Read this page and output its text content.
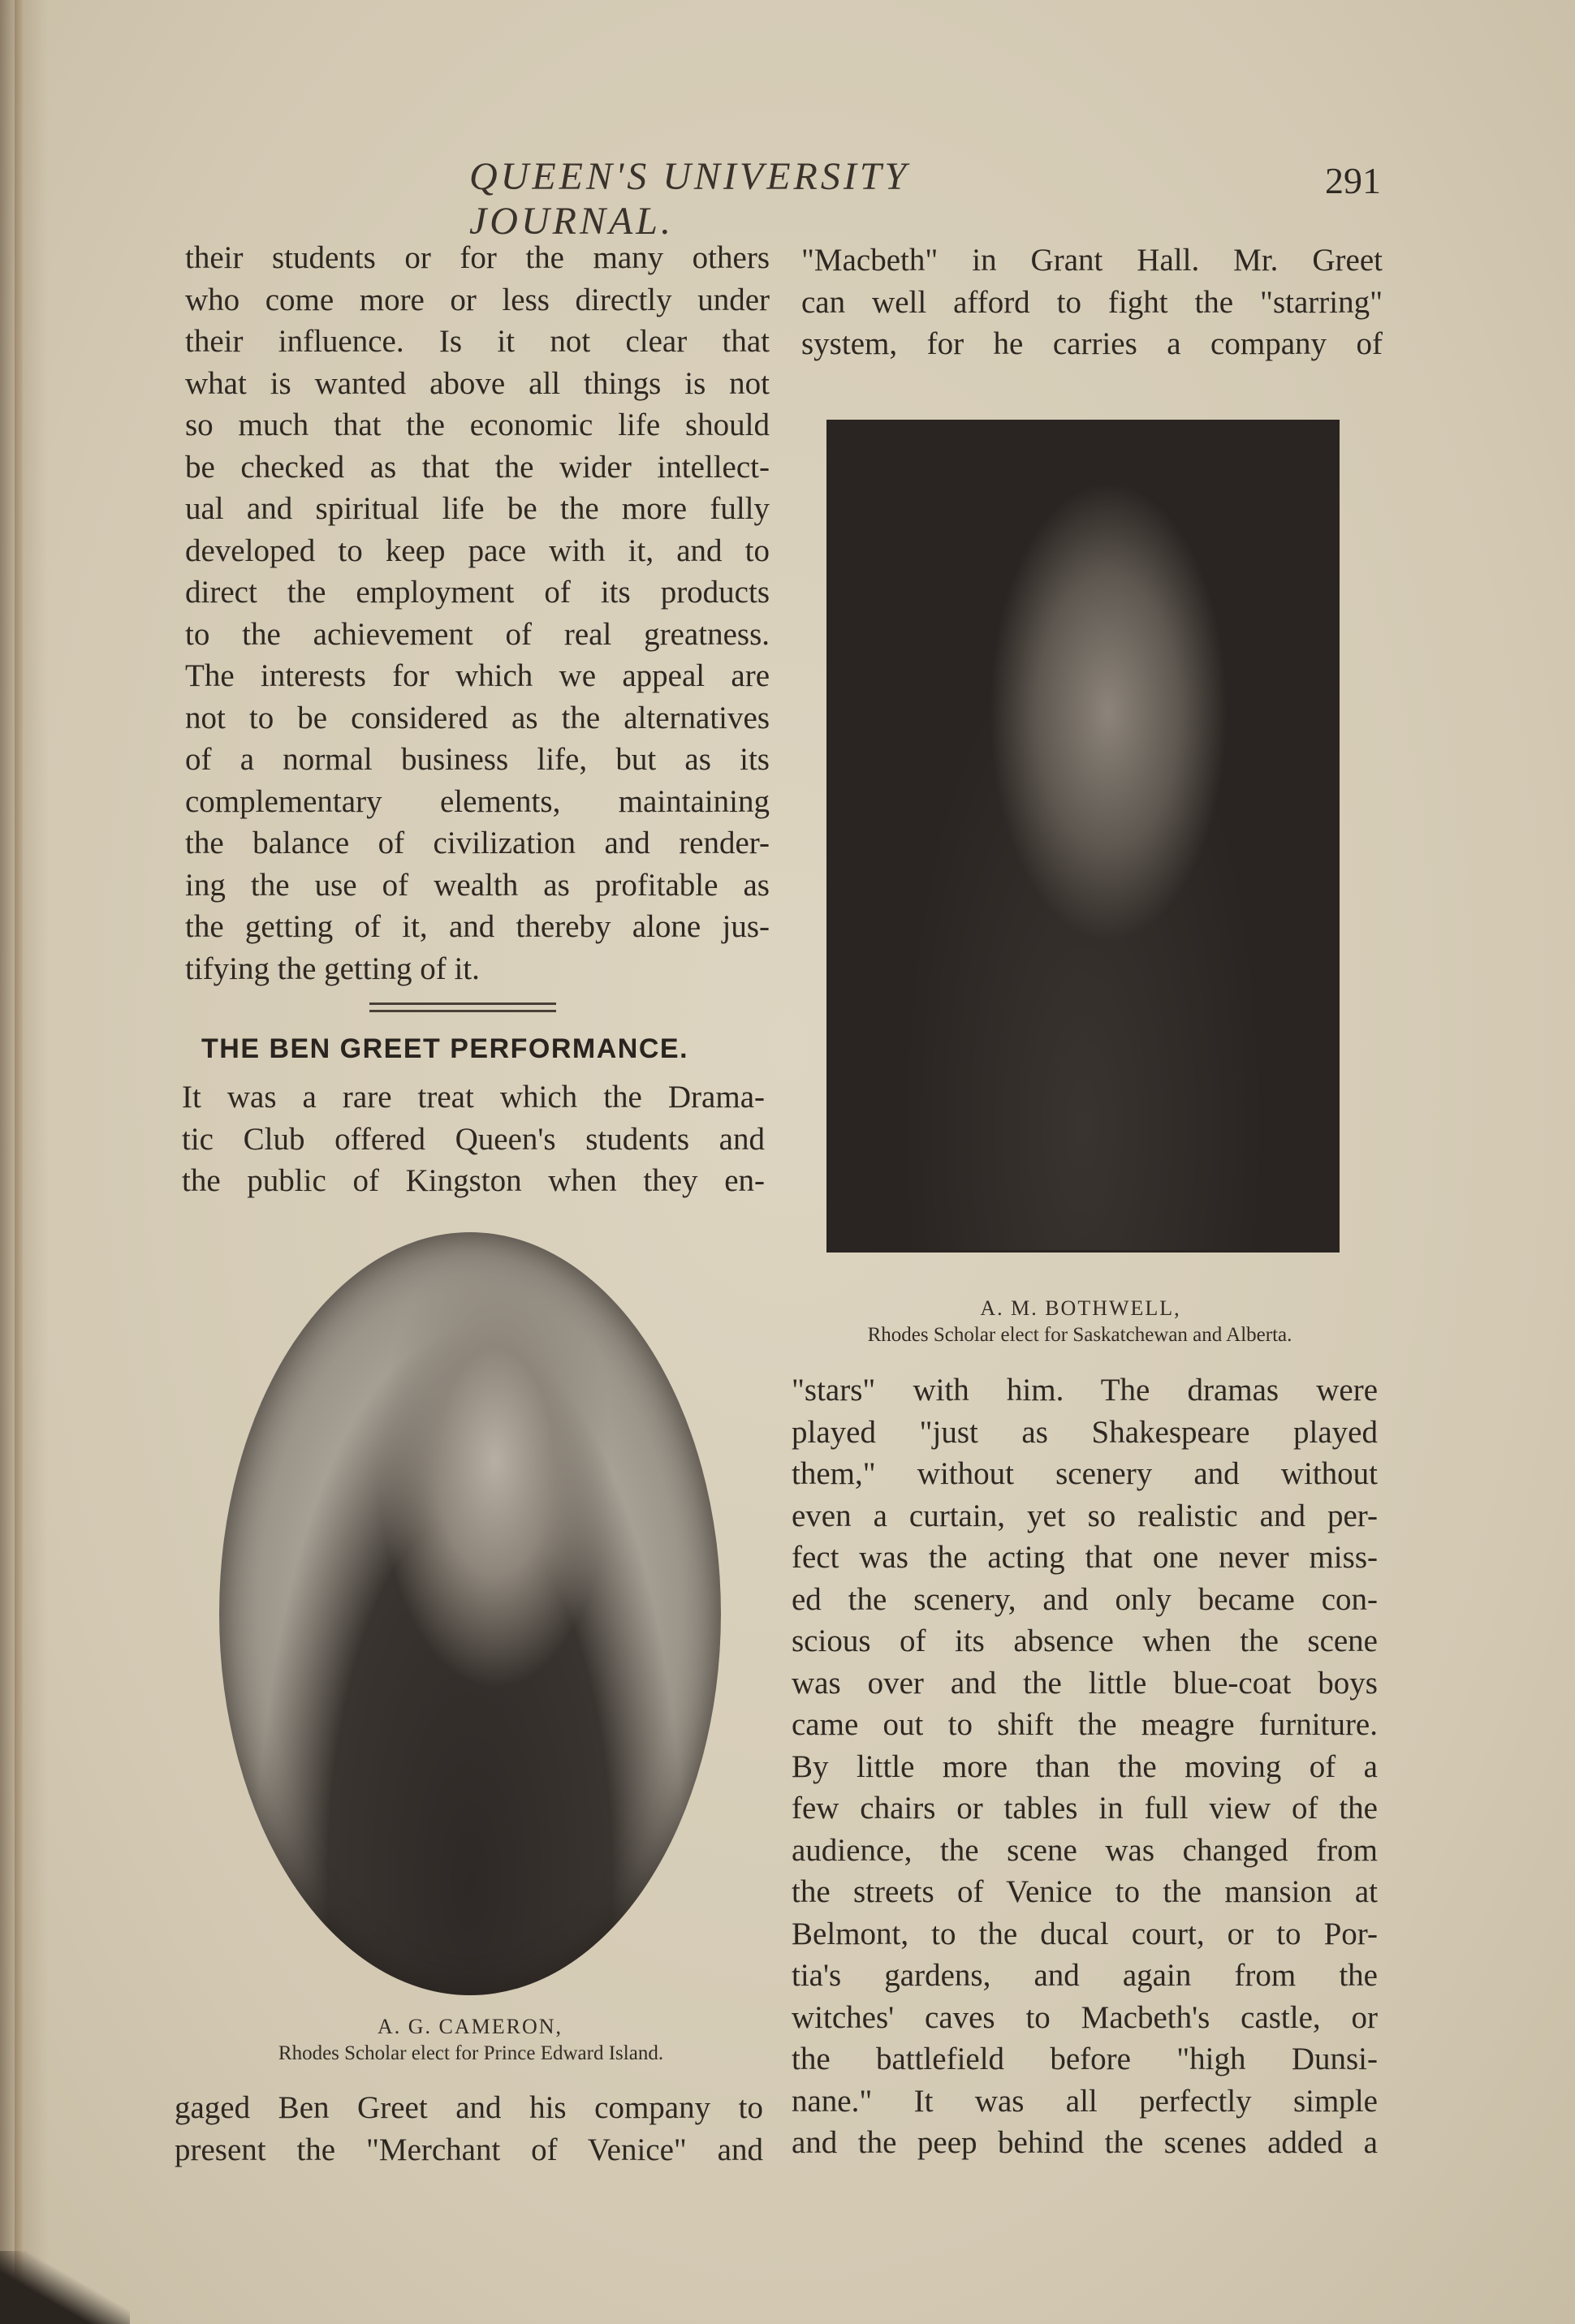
QUEEN'S UNIVERSITY JOURNAL.
291
their students or for the many others
who come more or less directly under
their influence. Is it not clear that
what is wanted above all things is not
so much that the economic life should
be checked as that the wider intellect-
ual and spiritual life be the more fully
developed to keep pace with it, and to
direct the employment of its products
to the achievement of real greatness.
The interests for which we appeal are
not to be considered as the alternatives
of a normal business life, but as its
complementary elements, maintaining
the balance of civilization and render-
ing the use of wealth as profitable as
the getting of it, and thereby alone jus-
tifying the getting of it.
THE BEN GREET PERFORMANCE.
It was a rare treat which the Drama-
tic Club offered Queen's students and
the public of Kingston when they en-
A. G. CAMERON,
Rhodes Scholar elect for Prince Edward Island.
gaged Ben Greet and his company to
present the "Merchant of Venice" and
"Macbeth" in Grant Hall. Mr. Greet
can well afford to fight the "starring"
system, for he carries a company of
A. M. BOTHWELL,
Rhodes Scholar elect for Saskatchewan and Alberta.
"stars" with him. The dramas were
played "just as Shakespeare played
them," without scenery and without
even a curtain, yet so realistic and per-
fect was the acting that one never miss-
ed the scenery, and only became con-
scious of its absence when the scene
was over and the little blue-coat boys
came out to shift the meagre furniture.
By little more than the moving of a
few chairs or tables in full view of the
audience, the scene was changed from
the streets of Venice to the mansion at
Belmont, to the ducal court, or to Por-
tia's gardens, and again from the
witches' caves to Macbeth's castle, or
the battlefield before "high Dunsi-
nane." It was all perfectly simple
and the peep behind the scenes added a
